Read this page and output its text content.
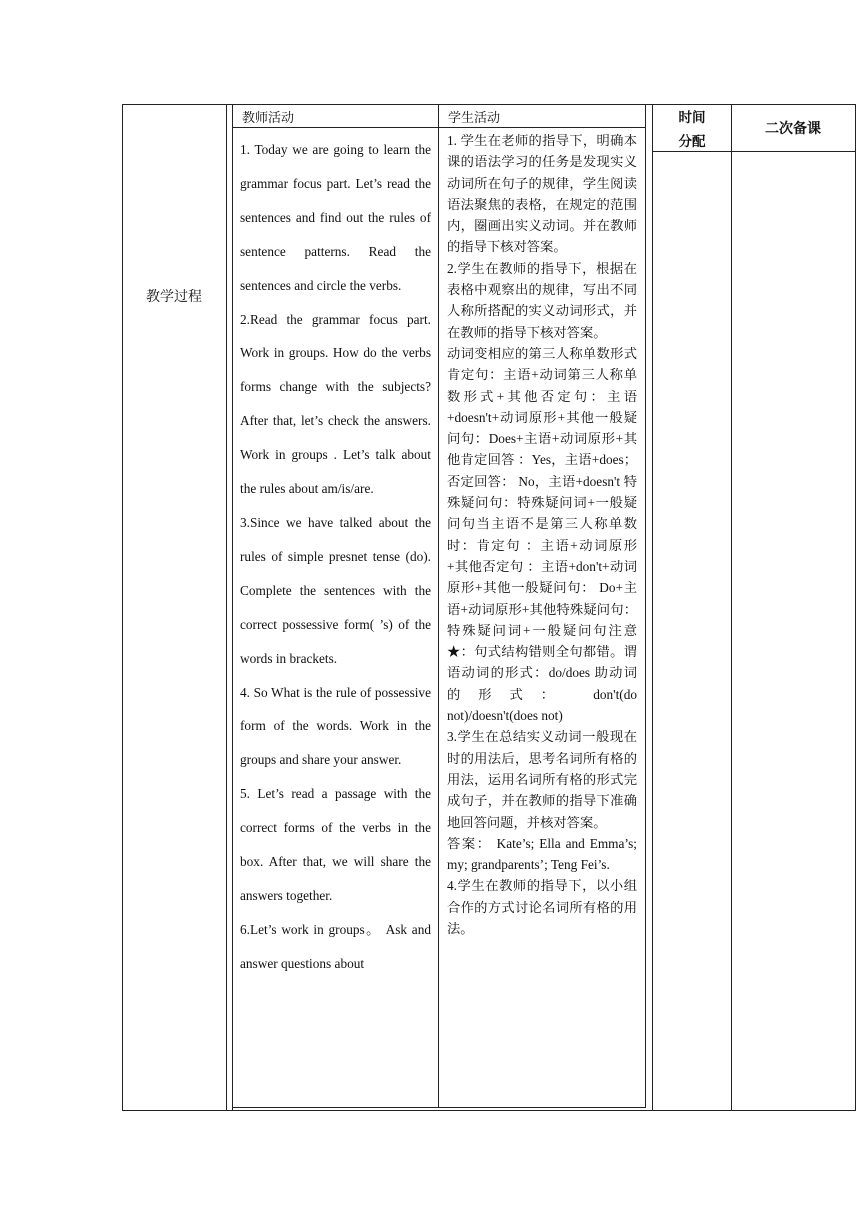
教学过程
教师活动	学生活动	时间
分配
二次备课

1. Today we are going to learn the grammar focus part. Let’s read the sentences and find out the rules of sentence patterns. Read the sentences and circle the verbs.

2.Read the grammar focus part. Work in groups. How do the verbs forms change with the subjects? After that, let’s check the answers. Work in groups . Let’s talk about the rules about am/is/are.

3.Since we have talked about the rules of simple presnet tense (do). Complete the sentences with the correct possessive form( ’s) of the words in brackets.

4. So What is the rule of possessive form of the words. Work in the groups and share your answer.

5. Let’s read a passage with the correct forms of the verbs in the box. After that, we will share the answers together.

6.Let’s work in groups。 Ask and answer questions about

1. 学生在老师的指导下，明确本课的语法学习的任务是发现实义动词所在句子的规律，学生阅读语法聚焦的表格，在规定的范围内，圈画出实义动词。并在教师的指导下核对答案。

2.学生在教师的指导下，根据在表格中观察出的规律，写出不同人称所搭配的实义动词形式，并在教师的指导下核对答案。

动词变相应的第三人称单数形式肯定句：主语+动词第三人称单数形式+其他否定句：主语+doesn't+动词原形+其他一般疑问句：Does+主语+动词原形+其他肯定回答 ：Yes，主语+does；否定回答： No，主语+doesn't 特殊疑问句：特殊疑问词+一般疑问句当主语不是第三人称单数时：肯定句 ：主语+动词原形+其他否定句 ：主语+don't+动词原形+其他一般疑问句： Do+主语+动词原形+其他特殊疑问句：特殊疑问词+一般疑问句注意★：句式结构错则全句都错。谓语动词的形式：do/does 助动词的形式： don't(do not)/doesn't(does not)

3.学生在总结实义动词一般现在时的用法后，思考名词所有格的用法，运用名词所有格的形式完成句子，并在教师的指导下准确地回答问题，并核对答案。

答案： Kate’s; Ella and Emma’s; my; grandparents’; Teng Fei’s.

4.学生在教师的指导下，以小组合作的方式讨论名词所有格的用法。
